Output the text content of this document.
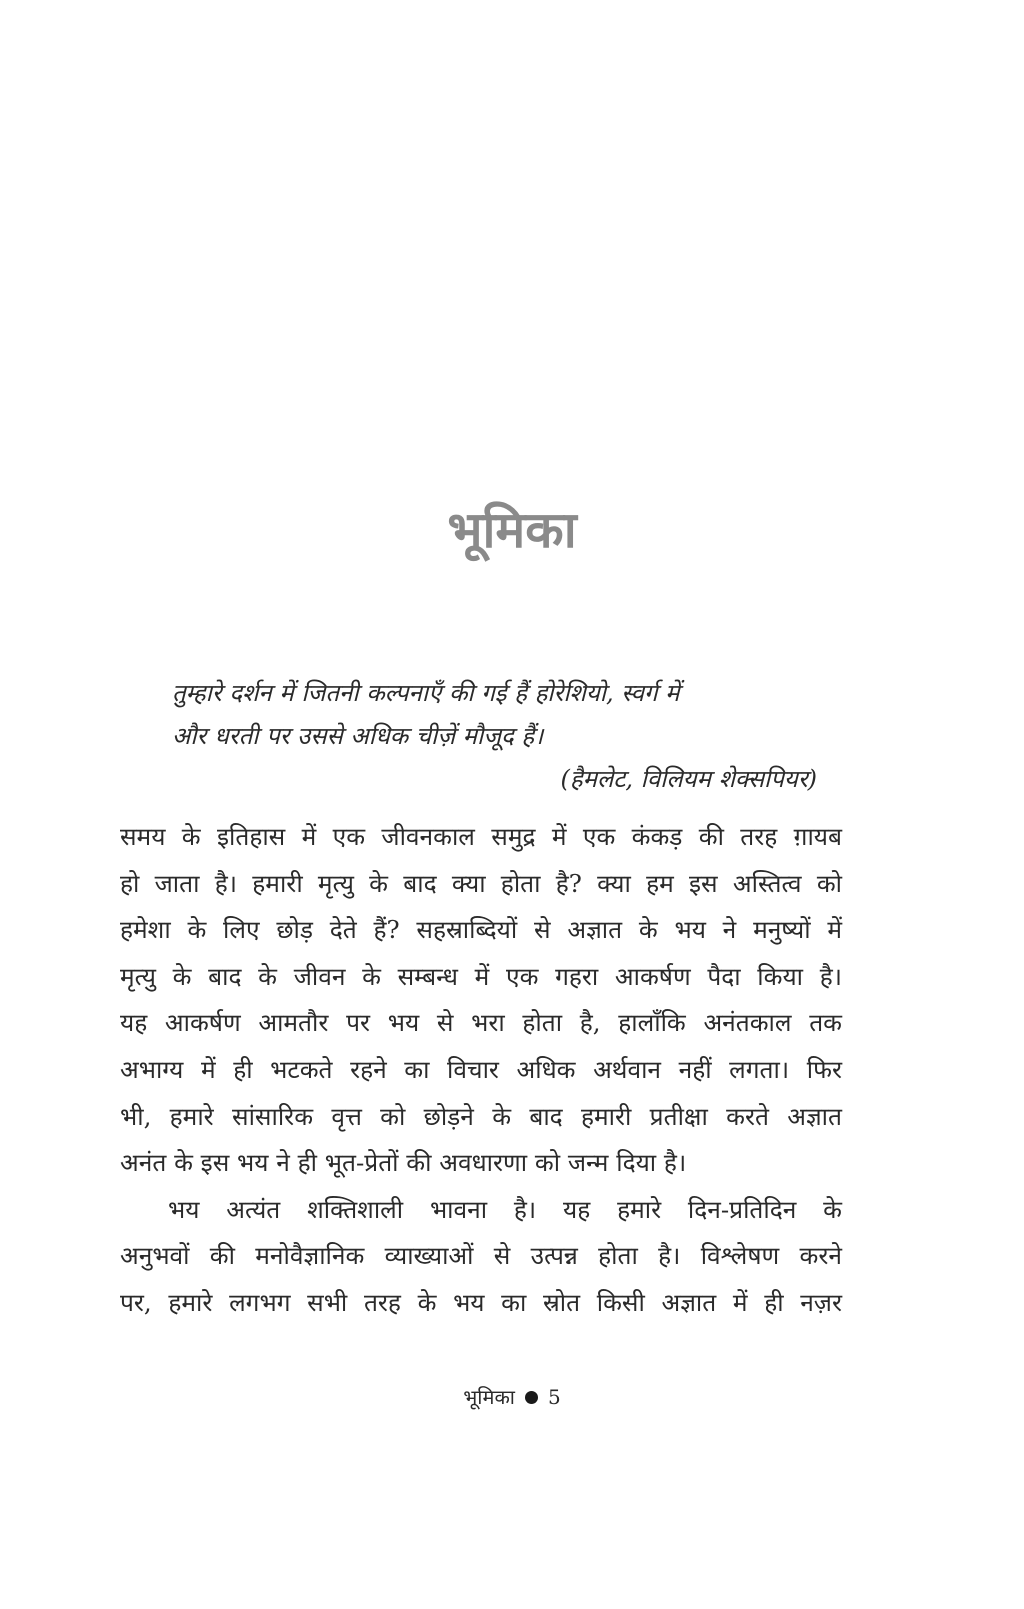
भूमिका
तुम्हारे दर्शन में जितनी कल्पनाएँ की गई हैं होरेशियो, स्वर्ग में
और धरती पर उससे अधिक चीज़ें मौजूद हैं।
(हैमलेट, विलियम शेक्सपियर)
समय के इतिहास में एक जीवनकाल समुद्र में एक कंकड़ की तरह ग़ायब
हो जाता है। हमारी मृत्यु के बाद क्या होता है? क्या हम इस अस्तित्व को
हमेशा के लिए छोड़ देते हैं? सहस्राब्दियों से अज्ञात के भय ने मनुष्यों में
मृत्यु के बाद के जीवन के सम्बन्ध में एक गहरा आकर्षण पैदा किया है।
यह आकर्षण आमतौर पर भय से भरा होता है, हालाँकि अनंतकाल तक
अभाग्य में ही भटकते रहने का विचार अधिक अर्थवान नहीं लगता। फिर
भी, हमारे सांसारिक वृत्त को छोड़ने के बाद हमारी प्रतीक्षा करते अज्ञात
अनंत के इस भय ने ही भूत-प्रेतों की अवधारणा को जन्म दिया है।
भय अत्यंत शक्तिशाली भावना है। यह हमारे दिन-प्रतिदिन के
अनुभवों की मनोवैज्ञानिक व्याख्याओं से उत्पन्न होता है। विश्लेषण करने
पर, हमारे लगभग सभी तरह के भय का स्रोत किसी अज्ञात में ही नज़र
भूमिका 5
